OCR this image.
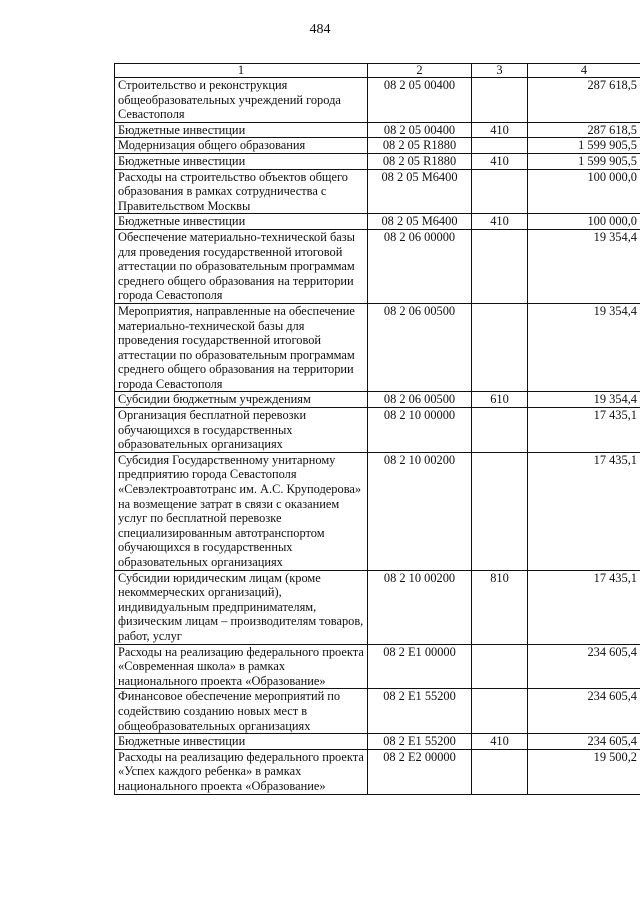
484
1	2	3	4
Строительство и реконструкция общеобразовательных учреждений города Севастополя	08 2 05 00400		287 618,5
Бюджетные инвестиции	08 2 05 00400	410	287 618,5
Модернизация общего образования	08 2 05 R1880		1 599 905,5
Бюджетные инвестиции	08 2 05 R1880	410	1 599 905,5
Расходы на строительство объектов общего образования в рамках сотрудничества с Правительством Москвы	08 2 05 М6400		100 000,0
Бюджетные инвестиции	08 2 05 М6400	410	100 000,0
Обеспечение материально-технической базы для проведения государственной итоговой аттестации по образовательным программам среднего общего образования на территории города Севастополя	08 2 06 00000		19 354,4
Мероприятия, направленные на обеспечение материально-технической базы для проведения государственной итоговой аттестации по образовательным программам среднего общего образования на территории города Севастополя	08 2 06 00500		19 354,4
Субсидии бюджетным учреждениям	08 2 06 00500	610	19 354,4
Организация бесплатной перевозки обучающихся в государственных образовательных организациях	08 2 10 00000		17 435,1
Субсидия Государственному унитарному предприятию города Севастополя «Севэлектроавтотранс им. А.С. Круподерова» на возмещение затрат в связи с оказанием услуг по бесплатной перевозке специализированным автотранспортом обучающихся в государственных образовательных организациях	08 2 10 00200		17 435,1
Субсидии юридическим лицам (кроме некоммерческих организаций), индивидуальным предпринимателям, физическим лицам – производителям товаров, работ, услуг	08 2 10 00200	810	17 435,1
Расходы на реализацию федерального проекта «Современная школа» в рамках национального проекта «Образование»	08 2 Е1 00000		234 605,4
Финансовое обеспечение мероприятий по содействию созданию новых мест в общеобразовательных организациях	08 2 Е1 55200		234 605,4
Бюджетные инвестиции	08 2 Е1 55200	410	234 605,4
Расходы на реализацию федерального проекта «Успех каждого ребенка» в рамках национального проекта «Образование»	08 2 Е2 00000		19 500,2
